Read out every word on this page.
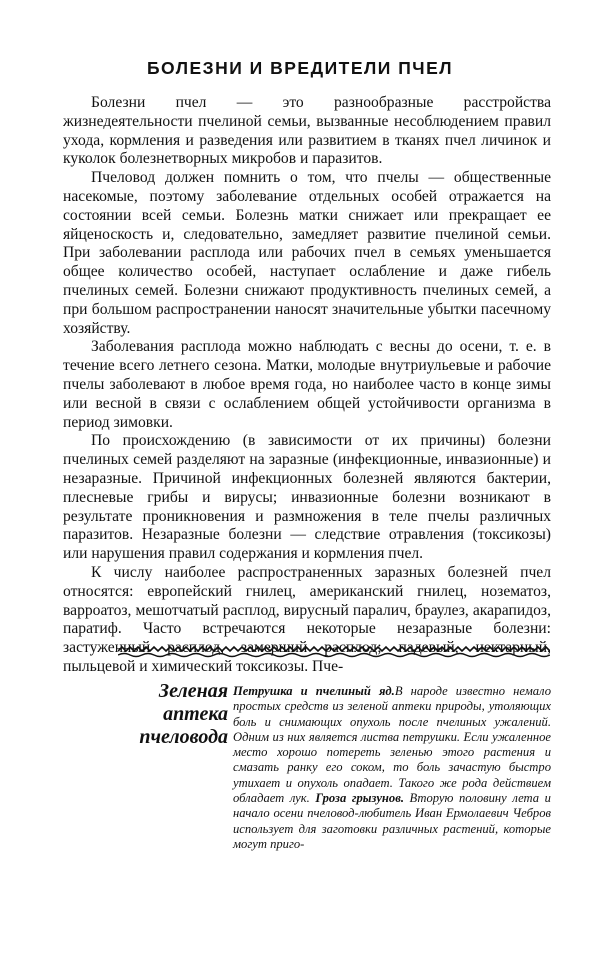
БОЛЕЗНИ И ВРЕДИТЕЛИ ПЧЕЛ

Болезни пчел — это разнообразные расстройства жизнедеятельности пчелиной семьи, вызванные несоблюдением правил ухода, кормления и разведения или развитием в тканях пчел личинок и куколок болезнетворных микробов и паразитов.

Пчеловод должен помнить о том, что пчелы — общественные насекомые, поэтому заболевание отдельных особей отражается на состоянии всей семьи. Болезнь матки снижает или прекращает ее яйценоскость и, следовательно, замедляет развитие пчелиной семьи. При заболевании расплода или рабочих пчел в семьях уменьшается общее количество особей, наступает ослабление и даже гибель пчелиных семей. Болезни снижают продуктивность пчелиных семей, а при большом распространении наносят значительные убытки пасечному хозяйству.

Заболевания расплода можно наблюдать с весны до осени, т. е. в течение всего летнего сезона. Матки, молодые внутриульевые и рабочие пчелы заболевают в любое время года, но наиболее часто в конце зимы или весной в связи с ослаблением общей устойчивости организма в период зимовки.

По происхождению (в зависимости от их причины) болезни пчелиных семей разделяют на заразные (инфекционные, инвазионные) и незаразные. Причиной инфекционных болезней являются бактерии, плесневые грибы и вирусы; инвазионные болезни возникают в результате проникновения и размножения в теле пчелы различных паразитов. Незаразные болезни — следствие отравления (токсикозы) или нарушения правил содержания и кормления пчел.

К числу наиболее распространенных заразных болезней пчел относятся: европейский гнилец, американский гнилец, нозематоз, варроатоз, мешотчатый расплод, вирусный паралич, браулез, акарапидоз, паратиф. Часто встречаются некоторые незаразные болезни: застуженный расплод, замерший расплод; падевый, нектарный, пыльцевой и химический токсикозы. Пче-

Зеленая
аптека
пчеловода
Петрушка и пчелиный яд.В народе известно немало простых средств из зеленой аптеки природы, утоляющих боль и снимающих опухоль после пчелиных ужалений. Одним из них является листва петрушки. Если ужаленное место хорошо потереть зеленью этого растения и смазать ранку его соком, то боль зачастую быстро утихает и опухоль опадает. Такого же рода действием обладает лук. Гроза грызунов. Вторую половину лета и начало осени пчеловод-любитель Иван Ермолаевич Чебров использует для заготовки различных растений, которые могут приго-
